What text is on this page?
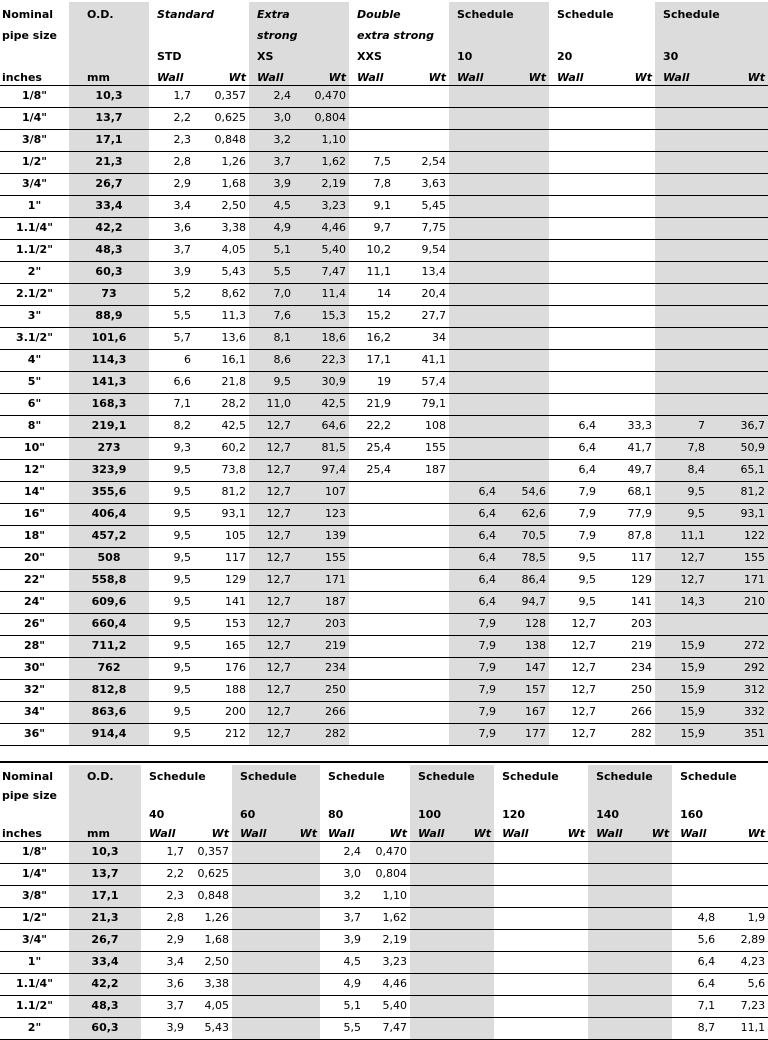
Nominal	O.D.	Standard		Extra		Double		Schedule		Schedule		Schedule	
pipe size				strong		extra strong							
		STD		XS		XXS		10		20		30	
inches	mm	Wall	Wt	Wall	Wt	Wall	Wt	Wall	Wt	Wall	Wt	Wall	Wt
1/8"	10,3	1,7	0,357	2,4	0,470								
1/4"	13,7	2,2	0,625	3,0	0,804								
3/8"	17,1	2,3	0,848	3,2	1,10								
1/2"	21,3	2,8	1,26	3,7	1,62	7,5	2,54						
3/4"	26,7	2,9	1,68	3,9	2,19	7,8	3,63						
1"	33,4	3,4	2,50	4,5	3,23	9,1	5,45						
1.1/4"	42,2	3,6	3,38	4,9	4,46	9,7	7,75						
1.1/2"	48,3	3,7	4,05	5,1	5,40	10,2	9,54						
2"	60,3	3,9	5,43	5,5	7,47	11,1	13,4						
2.1/2"	73	5,2	8,62	7,0	11,4	14	20,4						
3"	88,9	5,5	11,3	7,6	15,3	15,2	27,7						
3.1/2"	101,6	5,7	13,6	8,1	18,6	16,2	34						
4"	114,3	6	16,1	8,6	22,3	17,1	41,1						
5"	141,3	6,6	21,8	9,5	30,9	19	57,4						
6"	168,3	7,1	28,2	11,0	42,5	21,9	79,1						
8"	219,1	8,2	42,5	12,7	64,6	22,2	108			6,4	33,3	7	36,7
10"	273	9,3	60,2	12,7	81,5	25,4	155			6,4	41,7	7,8	50,9
12"	323,9	9,5	73,8	12,7	97,4	25,4	187			6,4	49,7	8,4	65,1
14"	355,6	9,5	81,2	12,7	107			6,4	54,6	7,9	68,1	9,5	81,2
16"	406,4	9,5	93,1	12,7	123			6,4	62,6	7,9	77,9	9,5	93,1
18"	457,2	9,5	105	12,7	139			6,4	70,5	7,9	87,8	11,1	122
20"	508	9,5	117	12,7	155			6,4	78,5	9,5	117	12,7	155
22"	558,8	9,5	129	12,7	171			6,4	86,4	9,5	129	12,7	171
24"	609,6	9,5	141	12,7	187			6,4	94,7	9,5	141	14,3	210
26"	660,4	9,5	153	12,7	203			7,9	128	12,7	203		
28"	711,2	9,5	165	12,7	219			7,9	138	12,7	219	15,9	272
30"	762	9,5	176	12,7	234			7,9	147	12,7	234	15,9	292
32"	812,8	9,5	188	12,7	250			7,9	157	12,7	250	15,9	312
34"	863,6	9,5	200	12,7	266			7,9	167	12,7	266	15,9	332
36"	914,4	9,5	212	12,7	282			7,9	177	12,7	282	15,9	351
Nominal	O.D.	Schedule		Schedule		Schedule		Schedule		Schedule		Schedule		Schedule	
pipe size															
		40		60		80		100		120		140		160	
inches	mm	Wall	Wt	Wall	Wt	Wall	Wt	Wall	Wt	Wall	Wt	Wall	Wt	Wall	Wt
1/8"	10,3	1,7	0,357			2,4	0,470								
1/4"	13,7	2,2	0,625			3,0	0,804								
3/8"	17,1	2,3	0,848			3,2	1,10								
1/2"	21,3	2,8	1,26			3,7	1,62							4,8	1,9
3/4"	26,7	2,9	1,68			3,9	2,19							5,6	2,89
1"	33,4	3,4	2,50			4,5	3,23							6,4	4,23
1.1/4"	42,2	3,6	3,38			4,9	4,46							6,4	5,6
1.1/2"	48,3	3,7	4,05			5,1	5,40							7,1	7,23
2"	60,3	3,9	5,43			5,5	7,47							8,7	11,1
